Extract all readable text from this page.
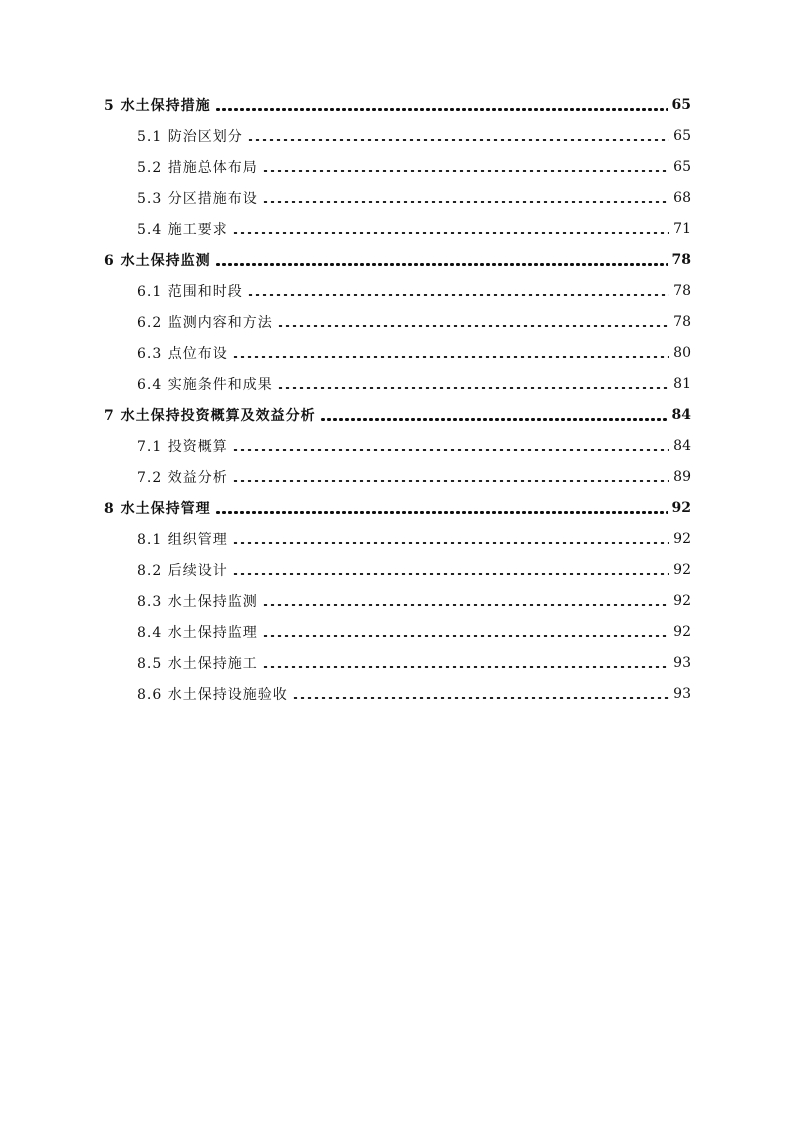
5 水土保持措施	65
5.1 防治区划分	65
5.2 措施总体布局	65
5.3 分区措施布设	68
5.4 施工要求	71
6 水土保持监测	78
6.1 范围和时段	78
6.2 监测内容和方法	78
6.3 点位布设	80
6.4 实施条件和成果	81
7 水土保持投资概算及效益分析	84
7.1 投资概算	84
7.2 效益分析	89
8 水土保持管理	92
8.1 组织管理	92
8.2 后续设计	92
8.3 水土保持监测	92
8.4 水土保持监理	92
8.5 水土保持施工	93
8.6 水土保持设施验收	93
